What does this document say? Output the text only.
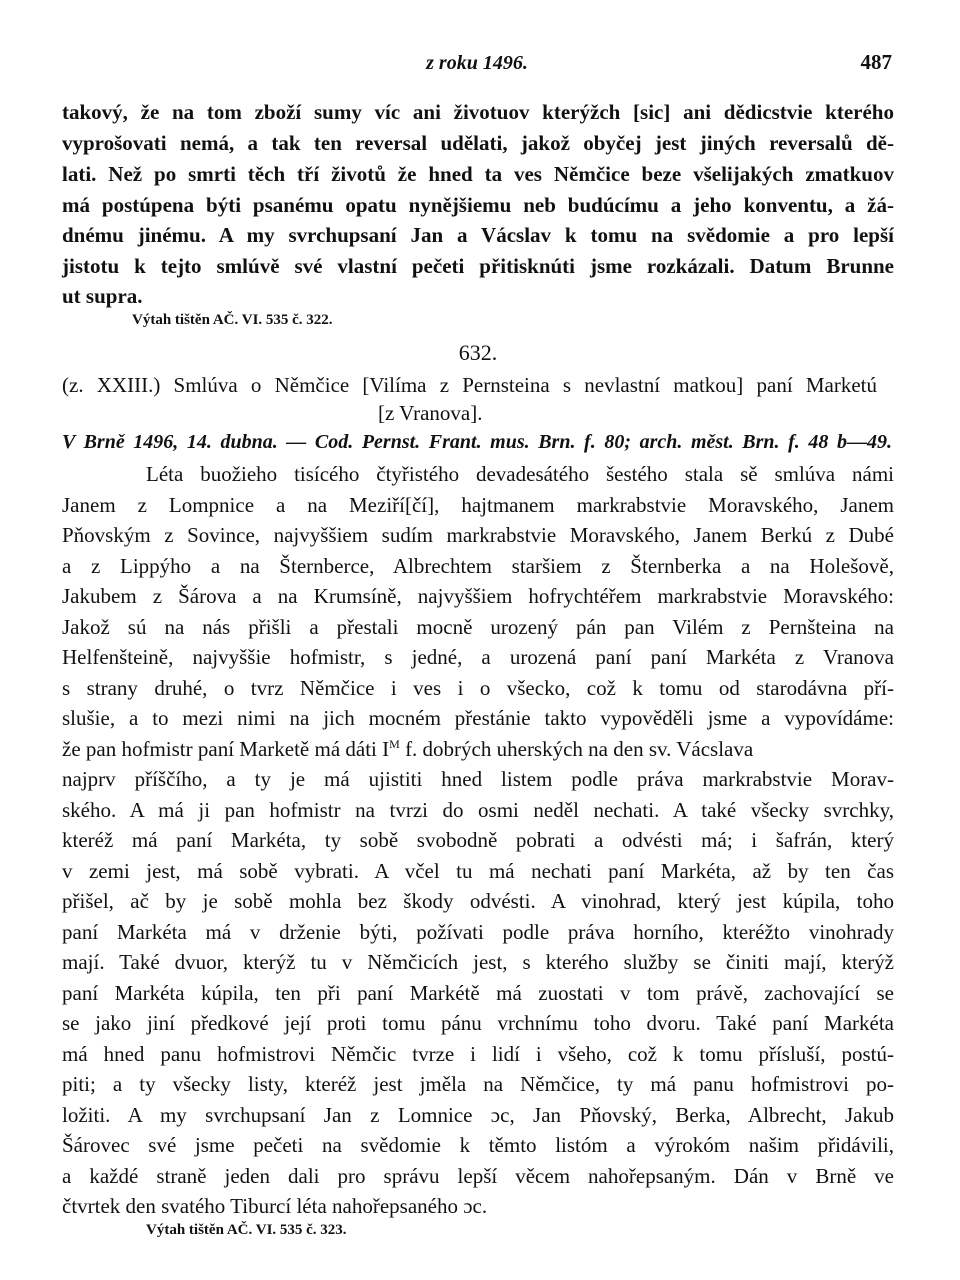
z roku 1496.	487
takový, že na tom zboží sumy víc ani životuov kterýžch [sic] ani dědicstvie kterého
vyprošovati nemá, a tak ten reversal udělati, jakož obyčej jest jiných reversalů dě-
lati. Než po smrti těch tří životů že hned ta ves Němčice beze všelijakých zmatkuov
má postúpena býti psanému opatu nynějšiemu neb budúcímu a jeho konventu, a žá-
dnému jinému. A my svrchupsaní Jan a Vácslav k tomu na svědomie a pro lepší
jistotu k tejto smlúvě své vlastní pečeti přitisknúti jsme rozkázali. Datum Brunne
ut supra.
Výtah tištěn AČ. VI. 535 č. 322.
632.
(z. XXIII.) Smlúva o Němčice [Vilíma z Pernsteina s nevlastní matkou] paní Marketú
[z Vranova].
V Brně 1496, 14. dubna. — Cod. Pernst. Frant. mus. Brn. f. 80; arch. měst. Brn. f. 48 b—49.
Léta buožieho tisícého čtyřistého devadesátého šestého stala sě smlúva námi
Janem z Lompnice a na Meziří[čí], hajtmanem markrabstvie Moravského, Janem
Pňovským z Sovince, najvyššiem sudím markrabstvie Moravského, Janem Berkú z Dubé
a z Lippýho a na Šternberce, Albrechtem staršiem z Šternberka a na Holešově,
Jakubem z Šárova a na Krumsíně, najvyššiem hofrychtéřem markrabstvie Moravského:
Jakož sú na nás přišli a přestali mocně urozený pán pan Vilém z Pernšteina na
Helfenšteině, najvyššie hofmistr, s jedné, a urozená paní paní Markéta z Vranova
s strany druhé, o tvrz Němčice i ves i o všecko, což k tomu od starodávna pří-
slušie, a to mezi nimi na jich mocném přestánie takto vypověděli jsme a vypovídáme:
že pan hofmistr paní Marketě má dáti $I^M$ f. dobrých uherských na den sv. Vácslava
najprv příščího, a ty je má ujistiti hned listem podle práva markrabstvie Morav-
ského. A má ji pan hofmistr na tvrzi do osmi neděl nechati. A také všecky svrchky,
kteréž má paní Markéta, ty sobě svobodně pobrati a odvésti má; i šafrán, který
v zemi jest, má sobě vybrati. A včel tu má nechati paní Markéta, až by ten čas
přišel, ač by je sobě mohla bez škody odvésti. A vinohrad, který jest kúpila, toho
paní Markéta má v drženie býti, požívati podle práva horního, kteréžto vinohrady
mají. Také dvuor, kterýž tu v Němčicích jest, s kterého služby se činiti mají, kterýž
paní Markéta kúpila, ten při paní Markétě má zuostati v tom právě, zachovající se
se jako jiní předkové její proti tomu pánu vrchnímu toho dvoru. Také paní Markéta
má hned panu hofmistrovi Němčic tvrze i lidí i všeho, což k tomu přísluší, postú-
piti; a ty všecky listy, kteréž jest jměla na Němčice, ty má panu hofmistrovi po-
ložiti. A my svrchupsaní Jan z Lomnice ɔc, Jan Pňovský, Berka, Albrecht, Jakub
Šárovec své jsme pečeti na svědomie k těmto listóm a výrokóm našim přidávili,
a každé straně jeden dali pro správu lepší věcem nahořepsaným. Dán v Brně ve
čtvrtek den svatého Tiburcí léta nahořepsaného ɔc.
Výtah tištěn AČ. VI. 535 č. 323.
